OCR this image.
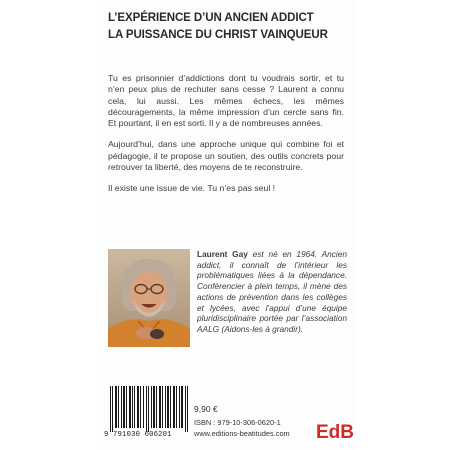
L’EXPÉRIENCE D’UN ANCIEN ADDICT
LA PUISSANCE DU CHRIST VAINQUEUR

Tu es prisonnier d’addictions dont tu voudrais sortir, et tu n’en peux plus de rechuter sans cesse ? Laurent a connu cela, lui aussi. Les mêmes échecs, les mêmes découragements, la même impression d’un cercle sans fin. Et pourtant, il en est sorti. Il y a de nombreuses années.

Aujourd’hui, dans une approche unique qui combine foi et pédagogie, il te propose un soutien, des outils concrets pour retrouver ta liberté, des moyens de te reconstruire.

Il existe une issue de vie. Tu n’es pas seul !

Laurent Gay est né en 1964. Ancien addict, il connaît de l’intérieur les problématiques liées à la dépendance. Conférencier à plein temps, il mène des actions de prévention dans les collèges et lycées, avec l’appui d’une équipe pluridisciplinaire portée par l’association AALG (Aidons-les à grandir).
9 791030 606201
9,90 €
ISBN : 979-10-306-0620-1
www.editions-beatitudes.com EdB
